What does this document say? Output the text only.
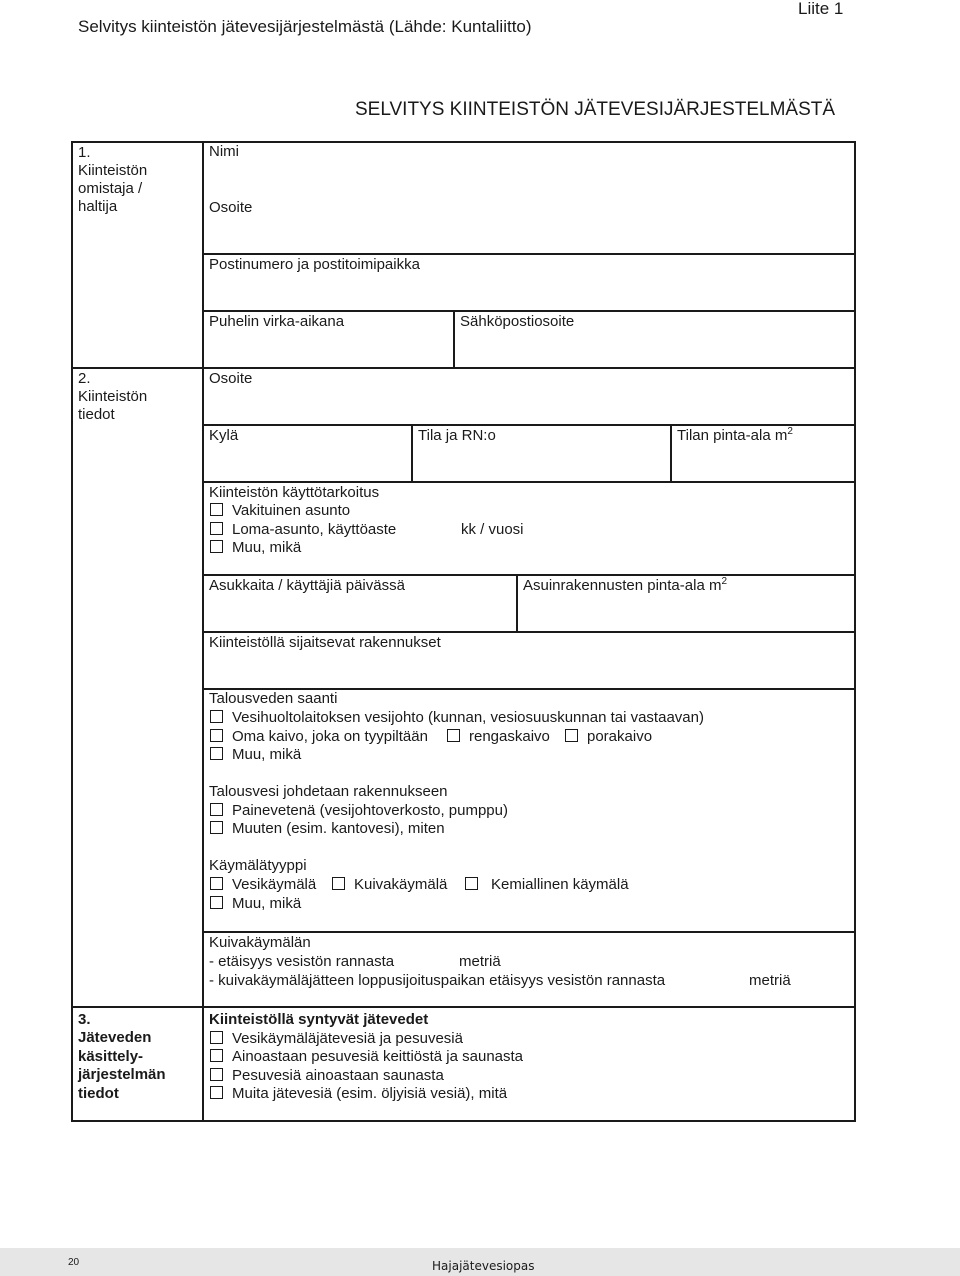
Selvitys kiinteistön jätevesijärjestelmästä (Lähde: Kuntaliitto)
Liite 1
SELVITYS KIINTEISTÖN JÄTEVESIJÄRJESTELMÄSTÄ
1.
Kiinteistön
omistaja /
haltija
Nimi
Osoite
Postinumero ja postitoimipaikka
Puhelin virka-aikana	Sähköpostiosoite
2.
Kiinteistön
tiedot
Osoite
Kylä	Tila ja RN:o	Tilan pinta-ala $m^2$
Kiinteistön käyttötarkoitus
Vakituinen asunto
Loma-asunto, käyttöaste	kk / vuosi
Muu, mikä
Asukkaita / käyttäjiä päivässä	Asuinrakennusten pinta-ala $m^2$
Kiinteistöllä sijaitsevat rakennukset
Talousveden saanti
Vesihuoltolaitoksen vesijohto (kunnan, vesiosuuskunnan tai vastaavan)
Oma kaivo, joka on tyypiltään	rengaskaivo porakaivo
Muu, mikä
Talousvesi johdetaan rakennukseen
Painevetenä (vesijohtoverkosto, pumppu)
Muuten (esim. kantovesi), miten
Käymälätyyppi
Vesikäymälä	Kuivakäymälä	Kemiallinen käymälä
Muu, mikä
Kuivakäymälän
- etäisyys vesistön rannasta	metriä
- kuivakäymäläjätteen loppusijoituspaikan etäisyys vesistön rannasta	metriä
3.
Jäteveden
käsittely-
järjestelmän
tiedot
Kiinteistöllä syntyvät jätevedet
Vesikäymäläjätevesiä ja pesuvesiä
Ainoastaan pesuvesiä keittiöstä ja saunasta
Pesuvesiä ainoastaan saunasta
Muita jätevesiä (esim. öljyisiä vesiä), mitä
20	Hajajätevesiopas
